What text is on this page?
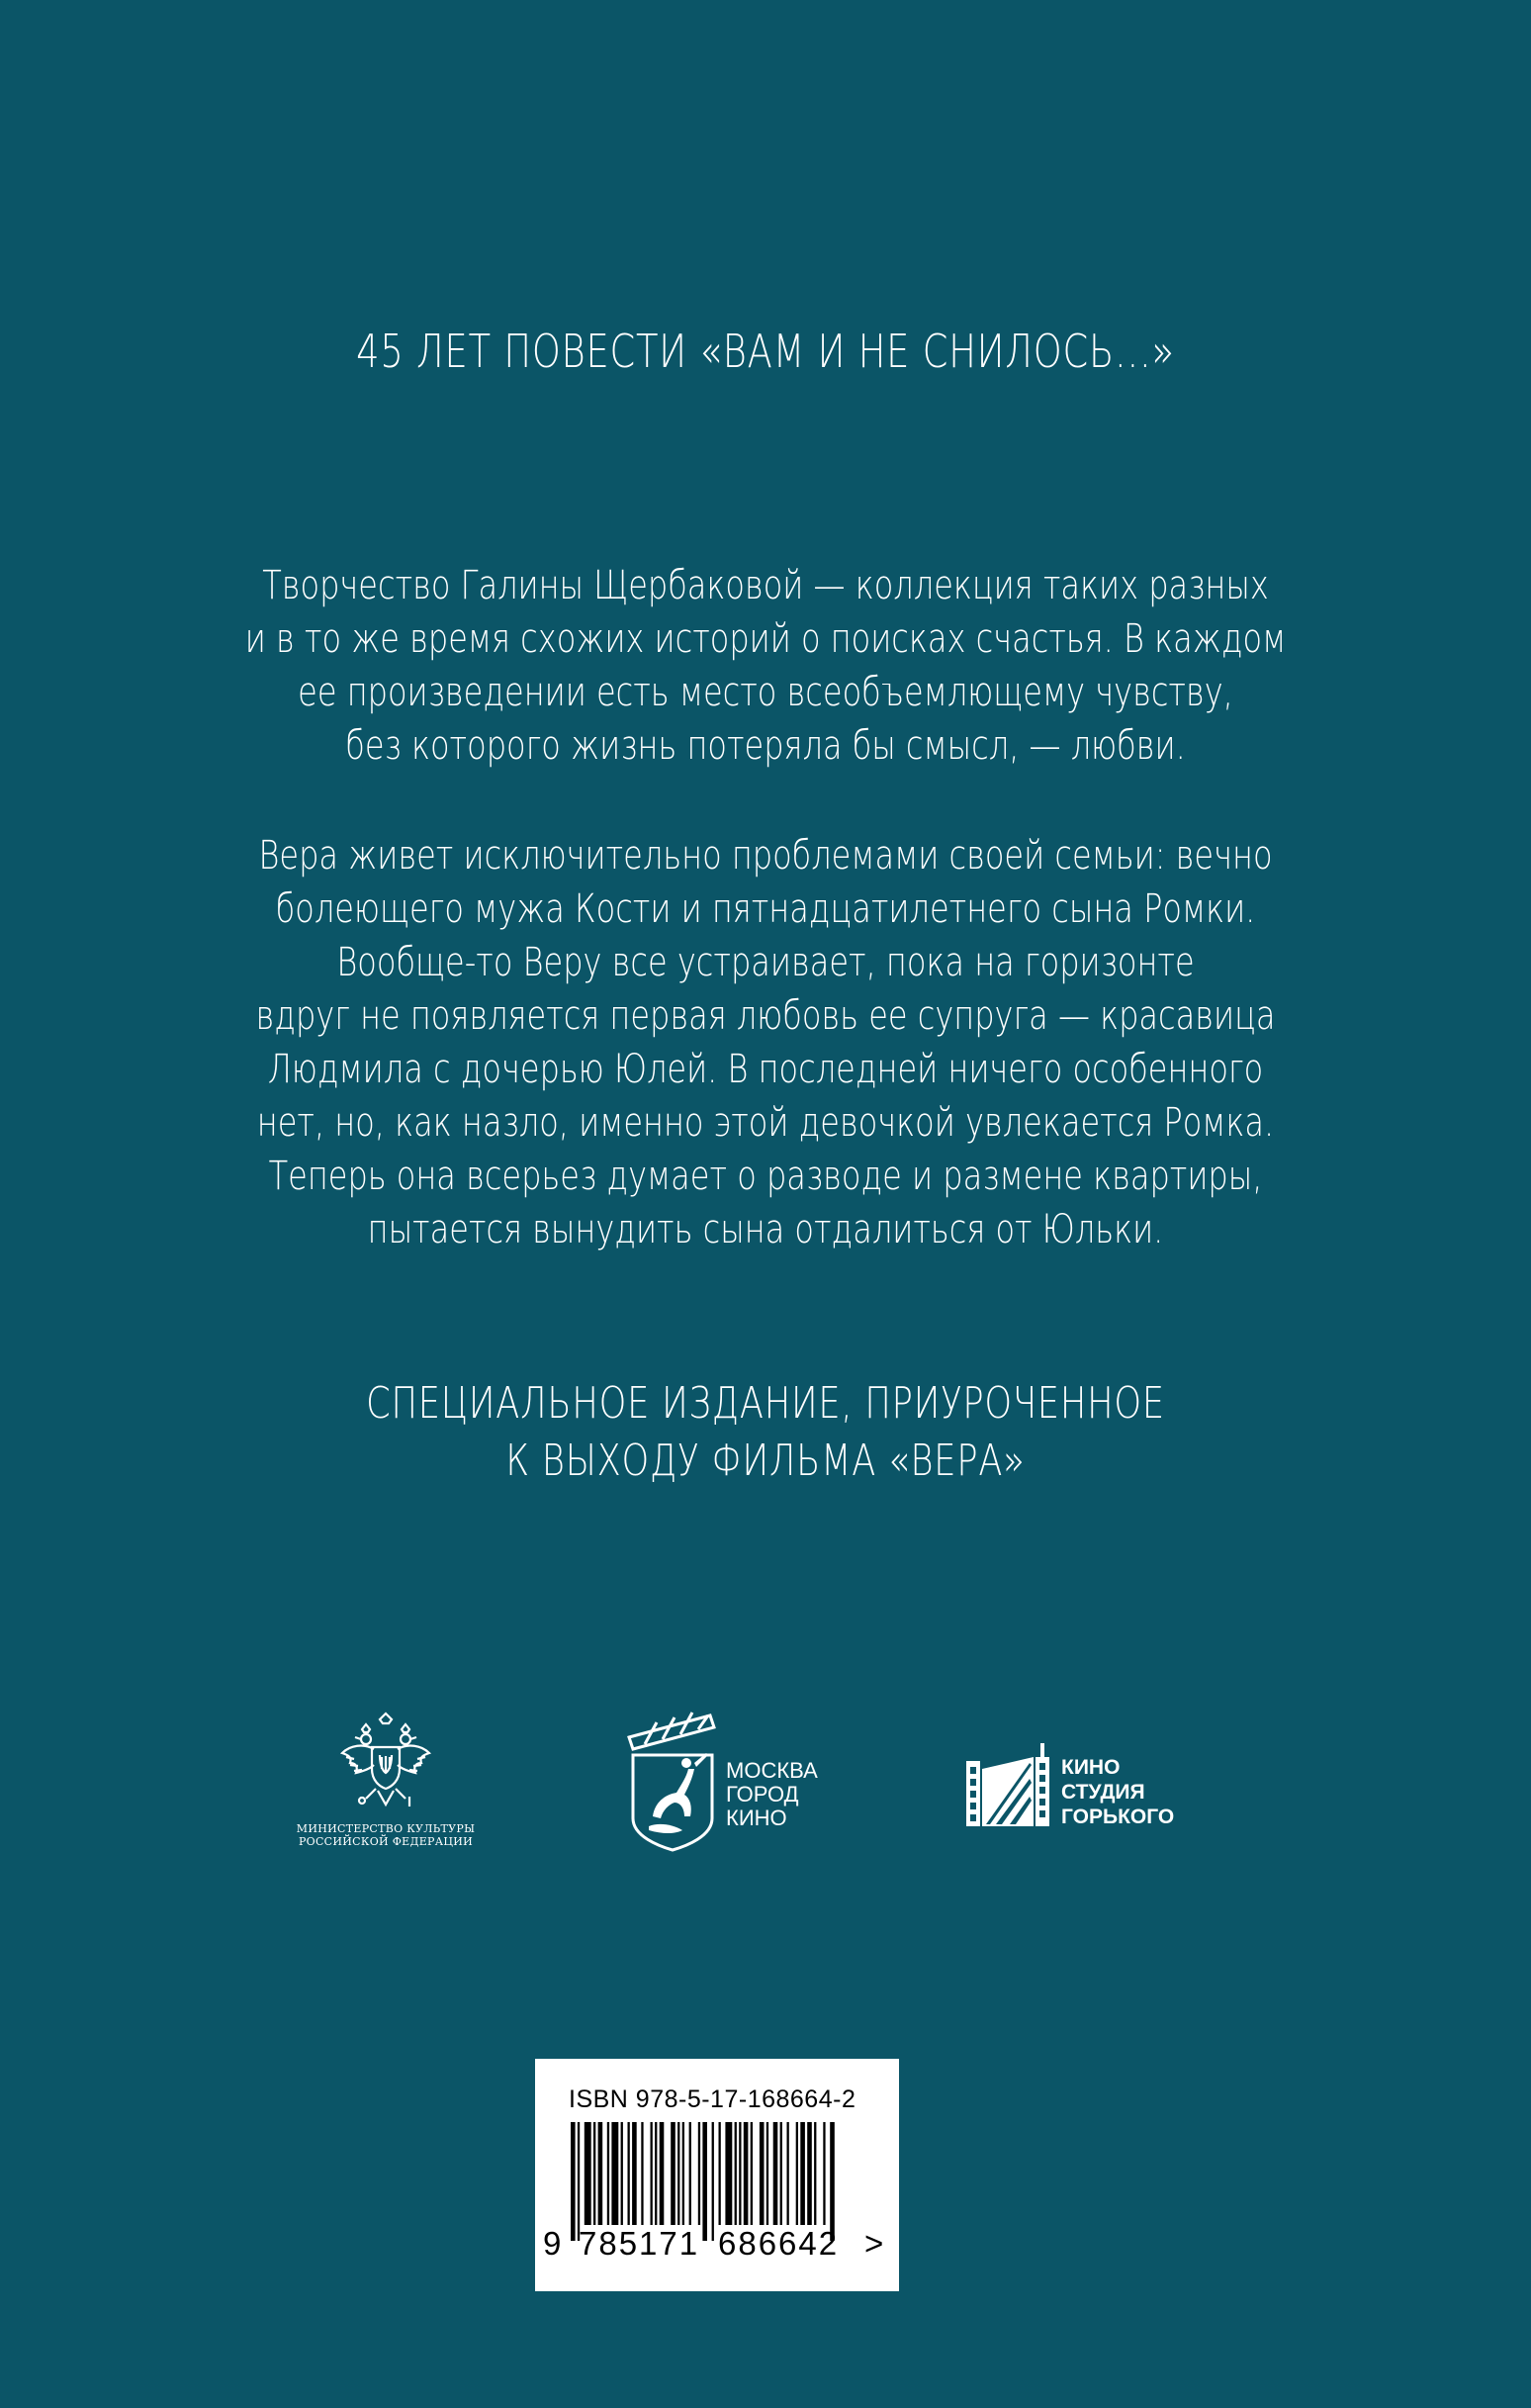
45 ЛЕТ ПОВЕСТИ «ВАМ И НЕ СНИЛОСЬ...»
Творчество Галины Щербаковой — коллекция таких разных
и в то же время схожих историй о поисках счастья. В каждом
ее произведении есть место всеобъемлющему чувству,
без которого жизнь потеряла бы смысл, — любви.
Вера живет исключительно проблемами своей семьи: вечно
болеющего мужа Кости и пятнадцатилетнего сына Ромки.
Вообще-то Веру все устраивает, пока на горизонте
вдруг не появляется первая любовь ее супруга — красавица
Людмила с дочерью Юлей. В последней ничего особенного
нет, но, как назло, именно этой девочкой увлекается Ромка.
Теперь она всерьез думает о разводе и размене квартиры,
пытается вынудить сына отдалиться от Юльки.
СПЕЦИАЛЬНОЕ ИЗДАНИЕ, ПРИУРОЧЕННОЕ
К ВЫХОДУ ФИЛЬМА «ВЕРА»
МИНИСТЕРСТВО КУЛЬТУРЫ
РОССИЙСКОЙ ФЕДЕРАЦИИ
МОСКВА
ГОРОД
КИНО
КИНО
СТУДИЯ
ГОРЬКОГО
ISBN 978-5-17-168664-2
9 785171 686642 >
